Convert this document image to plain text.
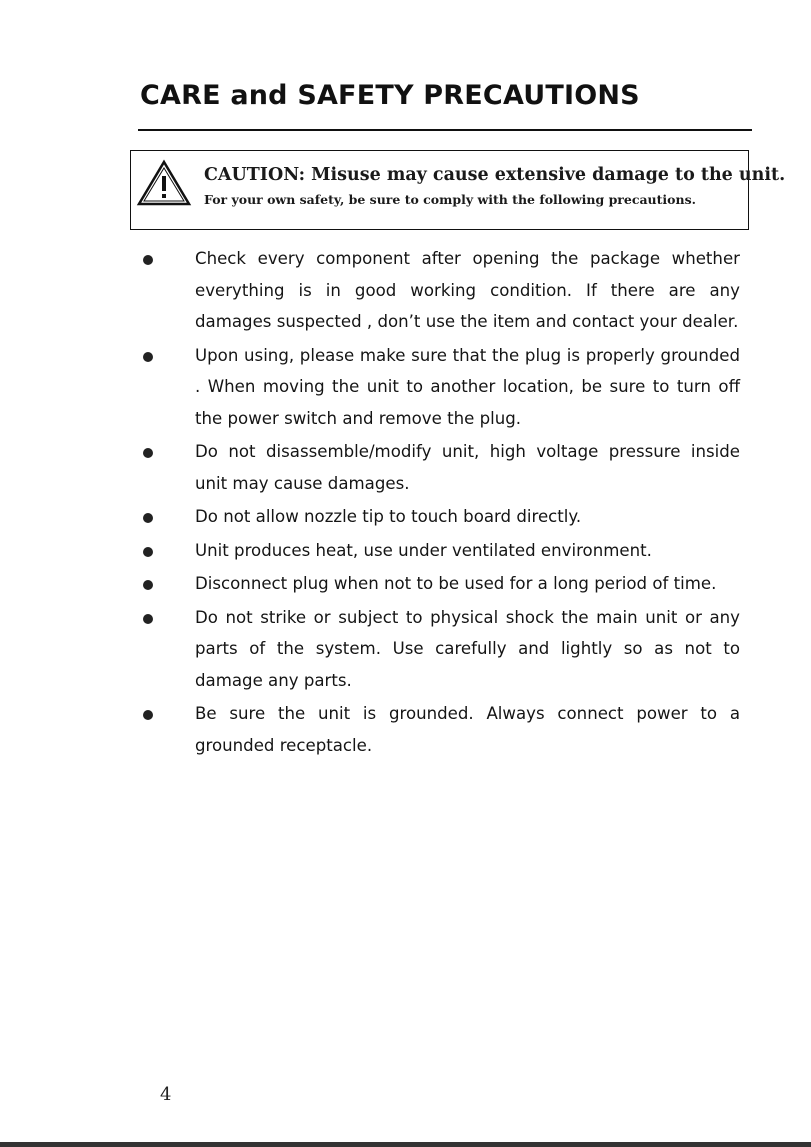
CARE and SAFETY PRECAUTIONS
CAUTION: Misuse may cause extensive damage to the unit.
For your own safety, be sure to comply with the following precautions.
Check every component after opening the package whether everything is in good working condition. If there are any damages suspected , don’t use the item and contact your dealer.
Upon using, please make sure that the plug is properly grounded . When moving the unit to another location, be sure to turn off the power switch and remove the plug.
Do not disassemble/modify unit, high voltage pressure inside unit may cause damages.
Do not allow nozzle tip to touch board directly.
Unit produces heat, use under ventilated environment.
Disconnect plug when not to be used for a long period of time.
Do not strike or subject to physical shock the main unit or any parts of the system. Use carefully and lightly so as not to damage any parts.
Be sure the unit is grounded. Always connect power to a grounded receptacle.
4
